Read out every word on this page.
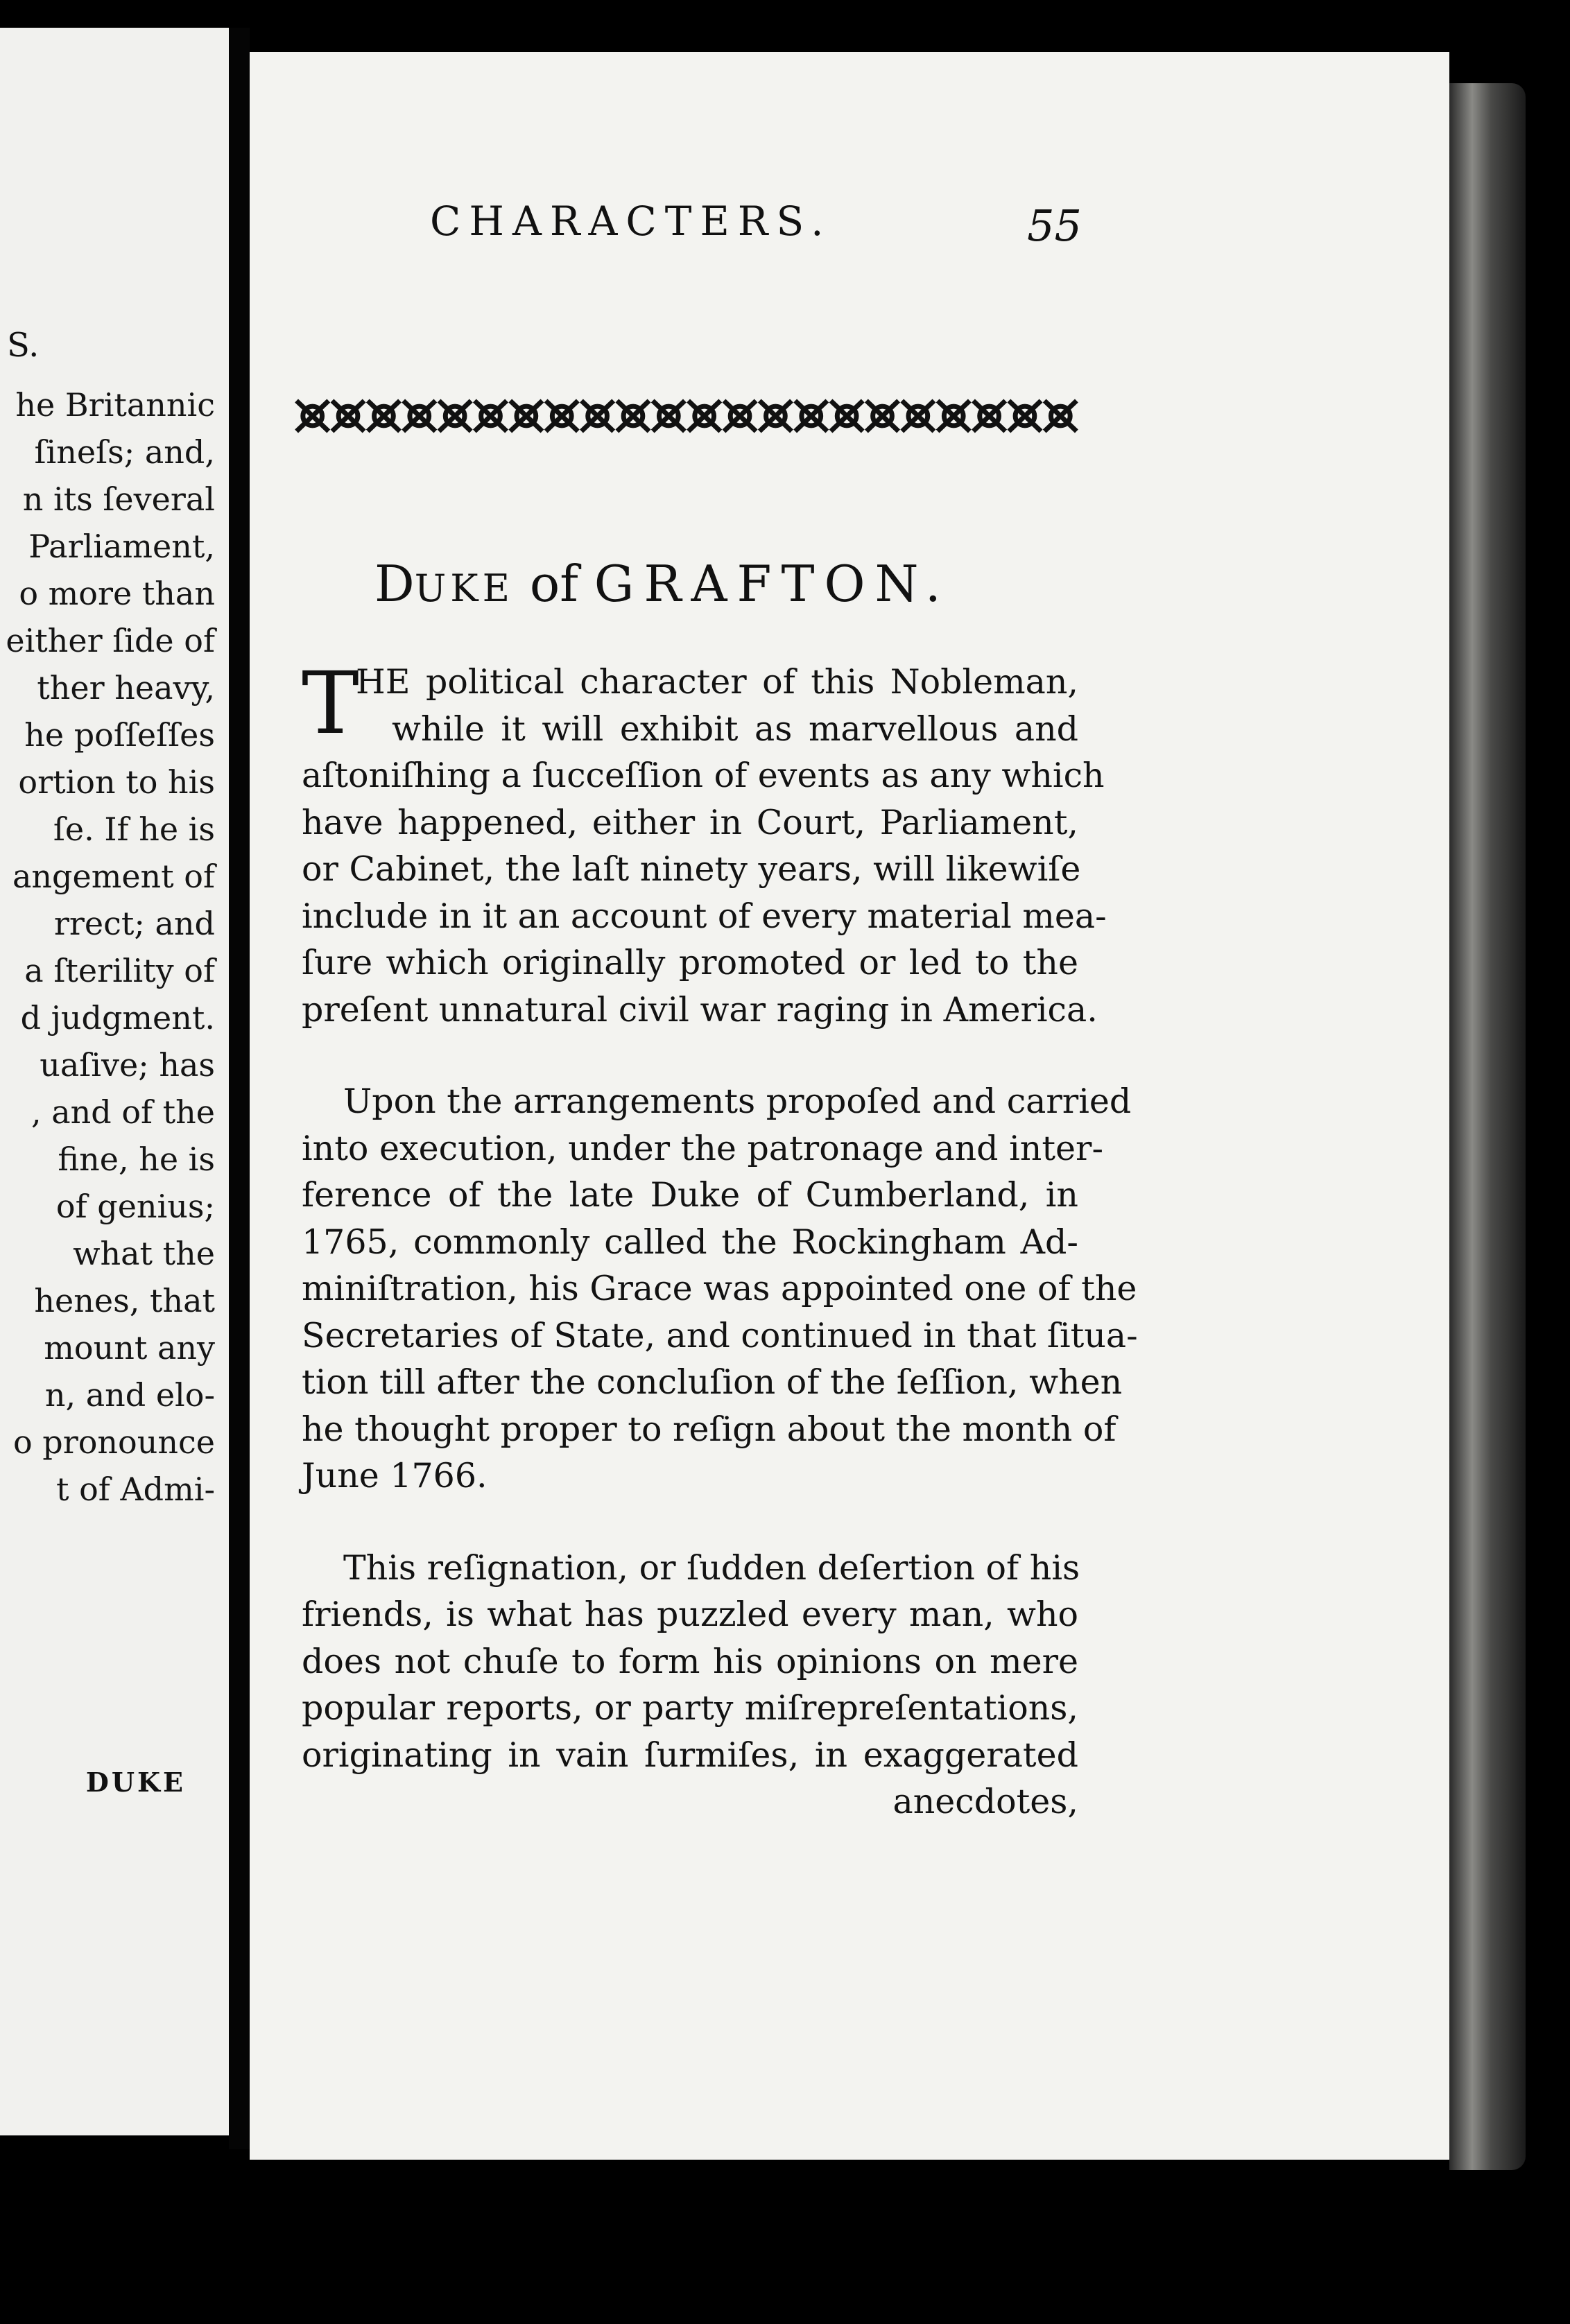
S.
he Britannic
ſineſs; and,
n its ſeveral
Parliament,
o more than
either ſide of
ther heavy,
he poſſeſſes
ortion to his
ſe. If he is
angement of
rrect; and
a ſterility of
d judgment.
uaſive; has
, and of the
fine, he is
of genius;
what the
henes, that
mount any
n, and elo-
o pronounce
t of Admi-
DUKE
CHARACTERS.	55
DUKE of GRAFTON.
T
HE political character of this Nobleman,
while it will exhibit as marvellous and
aſtoniſhing a ſucceſſion of events as any which
have happened, either in Court, Parliament,
or Cabinet, the laſt ninety years, will likewiſe
include in it an account of every material mea-
ſure which originally promoted or led to the
preſent unnatural civil war raging in America.
Upon the arrangements propoſed and carried
into execution, under the patronage and inter-
ference of the late Duke of Cumberland, in
1765, commonly called the Rockingham Ad-
miniſtration, his Grace was appointed one of the
Secretaries of State, and continued in that ſitua-
tion till after the concluſion of the ſeſſion, when
he thought proper to reſign about the month of
June 1766.
This reſignation, or ſudden deſertion of his
friends, is what has puzzled every man, who
does not chuſe to form his opinions on mere
popular reports, or party miſrepreſentations,
originating in vain ſurmiſes, in exaggerated
anecdotes,
